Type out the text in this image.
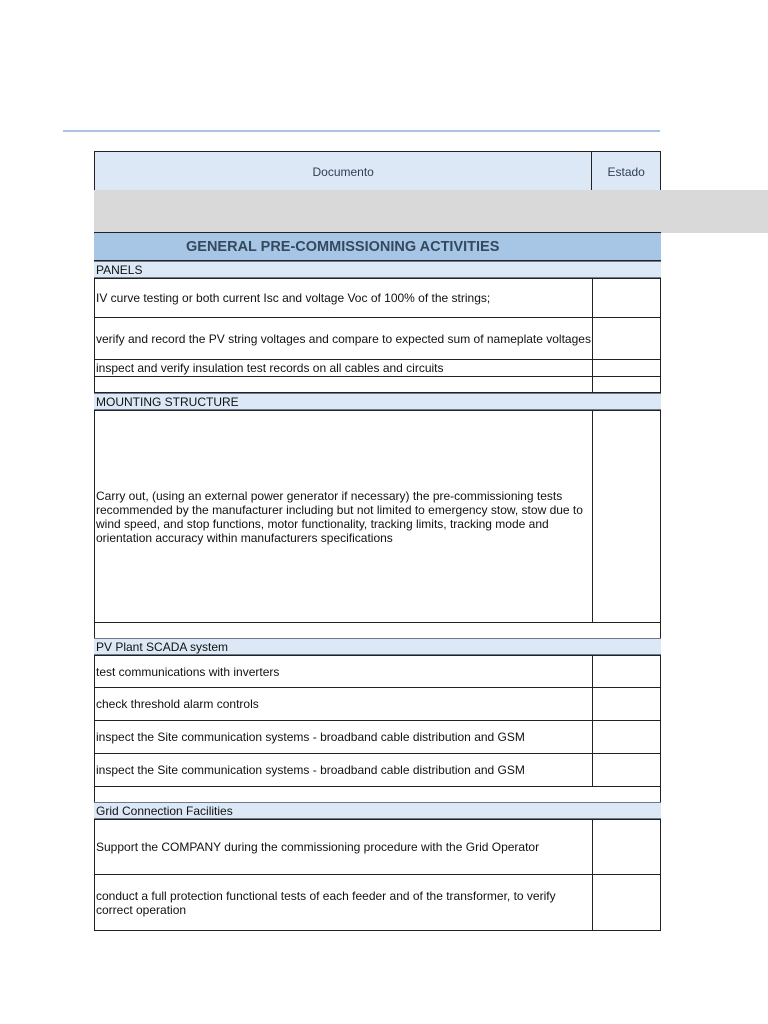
Documento	Estado
GENERAL PRE-COMMISSIONING ACTIVITIES
PANELS
IV curve testing or both current Isc and voltage Voc of 100% of the strings;
verify and record the PV string voltages and compare to expected sum of nameplate voltages
inspect and verify insulation test records on all cables and circuits
MOUNTING STRUCTURE
Carry out, (using an external power generator if necessary) the pre-commissioning tests recommended by the manufacturer including but not limited to emergency stow, stow due to wind speed, and stop functions, motor functionality, tracking limits, tracking mode and orientation accuracy within manufacturers specifications
PV Plant SCADA system
test communications with inverters
check threshold alarm controls
inspect the Site communication systems - broadband cable distribution and GSM
inspect the Site communication systems - broadband cable distribution and GSM
Grid Connection Facilities
Support the COMPANY during the commissioning procedure with the Grid Operator
conduct a full protection functional tests of each feeder and of the transformer, to verify correct operation
